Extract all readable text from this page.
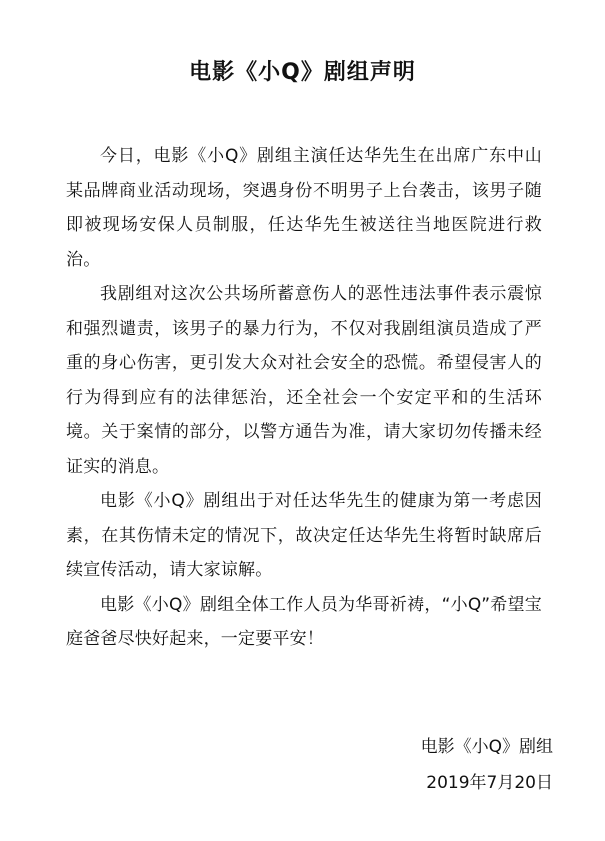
电影《小Q》剧组声明

今日，电影《小Q》剧组主演任达华先生在出席广东中山某品牌商业活动现场，突遇身份不明男子上台袭击，该男子随即被现场安保人员制服，任达华先生被送往当地医院进行救治。

我剧组对这次公共场所蓄意伤人的恶性违法事件表示震惊和强烈谴责，该男子的暴力行为，不仅对我剧组演员造成了严重的身心伤害，更引发大众对社会安全的恐慌。希望侵害人的行为得到应有的法律惩治，还全社会一个安定平和的生活环境。关于案情的部分，以警方通告为准，请大家切勿传播未经证实的消息。

电影《小Q》剧组出于对任达华先生的健康为第一考虑因素，在其伤情未定的情况下，故决定任达华先生将暂时缺席后续宣传活动，请大家谅解。

电影《小Q》剧组全体工作人员为华哥祈祷，“小Q”希望宝庭爸爸尽快好起来，一定要平安！

电影《小Q》剧组
2019年7月20日
